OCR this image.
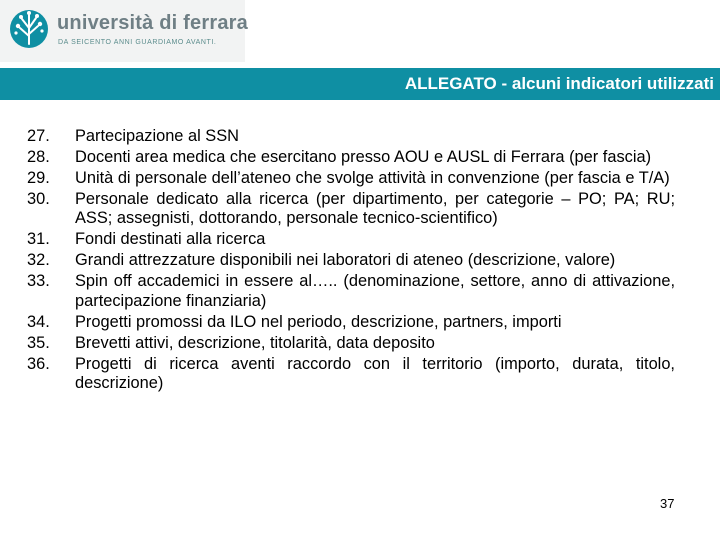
università di ferrara
DA SEICENTO ANNI GUARDIAMO AVANTI.
ALLEGATO - alcuni indicatori utilizzati
27.	Partecipazione al SSN
28.	Docenti area medica che esercitano presso AOU e AUSL di Ferrara (per fascia)
29.	Unità di personale dell’ateneo che svolge attività in convenzione (per fascia e T/A)
30.	Personale dedicato alla ricerca (per dipartimento, per categorie – PO; PA; RU; ASS; assegnisti, dottorando, personale tecnico-scientifico)
31.	Fondi destinati alla ricerca
32.	Grandi attrezzature disponibili nei laboratori di ateneo (descrizione, valore)
33.	Spin off accademici in essere al….. (denominazione, settore, anno di attivazione, partecipazione finanziaria)
34.	Progetti promossi da ILO nel periodo, descrizione, partners, importi
35.	Brevetti attivi, descrizione, titolarità, data deposito
36.	Progetti di ricerca aventi raccordo con il territorio (importo, durata, titolo, descrizione)
37
